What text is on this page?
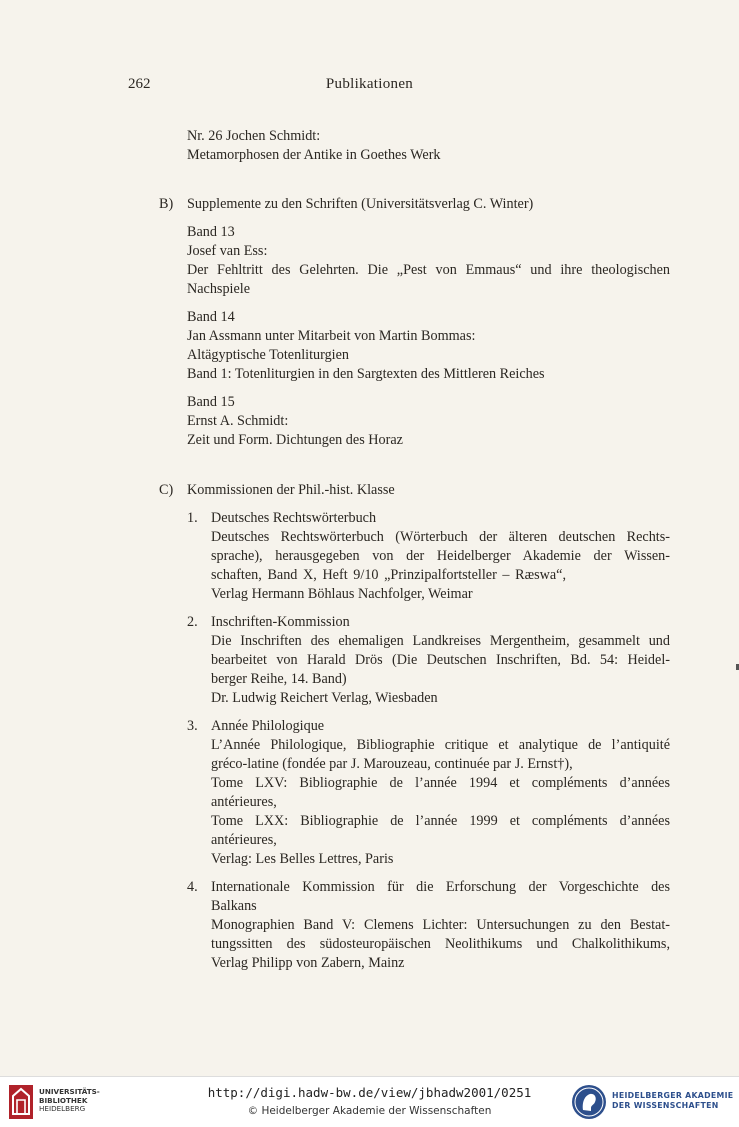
262	Publikationen
Nr. 26 Jochen Schmidt:
Metamorphosen der Antike in Goethes Werk
B) Supplemente zu den Schriften (Universitätsverlag C. Winter)
Band 13
Josef van Ess:
Der Fehltritt des Gelehrten. Die „Pest von Emmaus“ und ihre theologischen
Nachspiele
Band 14
Jan Assmann unter Mitarbeit von Martin Bommas:
Altägyptische Totenliturgien
Band 1: Totenliturgien in den Sargtexten des Mittleren Reiches
Band 15
Ernst A. Schmidt:
Zeit und Form. Dichtungen des Horaz
C) Kommissionen der Phil.-hist. Klasse
1. Deutsches Rechtswörterbuch
Deutsches Rechtswörterbuch (Wörterbuch der älteren deutschen Rechts-
sprache), herausgegeben von der Heidelberger Akademie der Wissen-
schaften, Band X, Heft 9/10 „Prinzipalfortsteller – Ræswa“,
Verlag Hermann Böhlaus Nachfolger, Weimar
2. Inschriften-Kommission
Die Inschriften des ehemaligen Landkreises Mergentheim, gesammelt und
bearbeitet von Harald Drös (Die Deutschen Inschriften, Bd. 54: Heidel-
berger Reihe, 14. Band)
Dr. Ludwig Reichert Verlag, Wiesbaden
3. Année Philologique
L’Année Philologique, Bibliographie critique et analytique de l’antiquité
gréco-latine (fondée par J. Marouzeau, continuée par J. Ernst†),
Tome LXV: Bibliographie de l’année 1994 et compléments d’années
antérieures,
Tome LXX: Bibliographie de l’année 1999 et compléments d’années
antérieures,
Verlag: Les Belles Lettres, Paris
4. Internationale Kommission für die Erforschung der Vorgeschichte des
Balkans
Monographien Band V: Clemens Lichter: Untersuchungen zu den Bestat-
tungssitten des südosteuropäischen Neolithikums und Chalkolithikums,
Verlag Philipp von Zabern, Mainz
UNIVERSITÄTS-
BIBLIOTHEK
HEIDELBERG
http://digi.hadw-bw.de/view/jbhadw2001/0251
© Heidelberger Akademie der Wissenschaften
HEIDELBERGER AKADEMIE
DER WISSENSCHAFTEN
